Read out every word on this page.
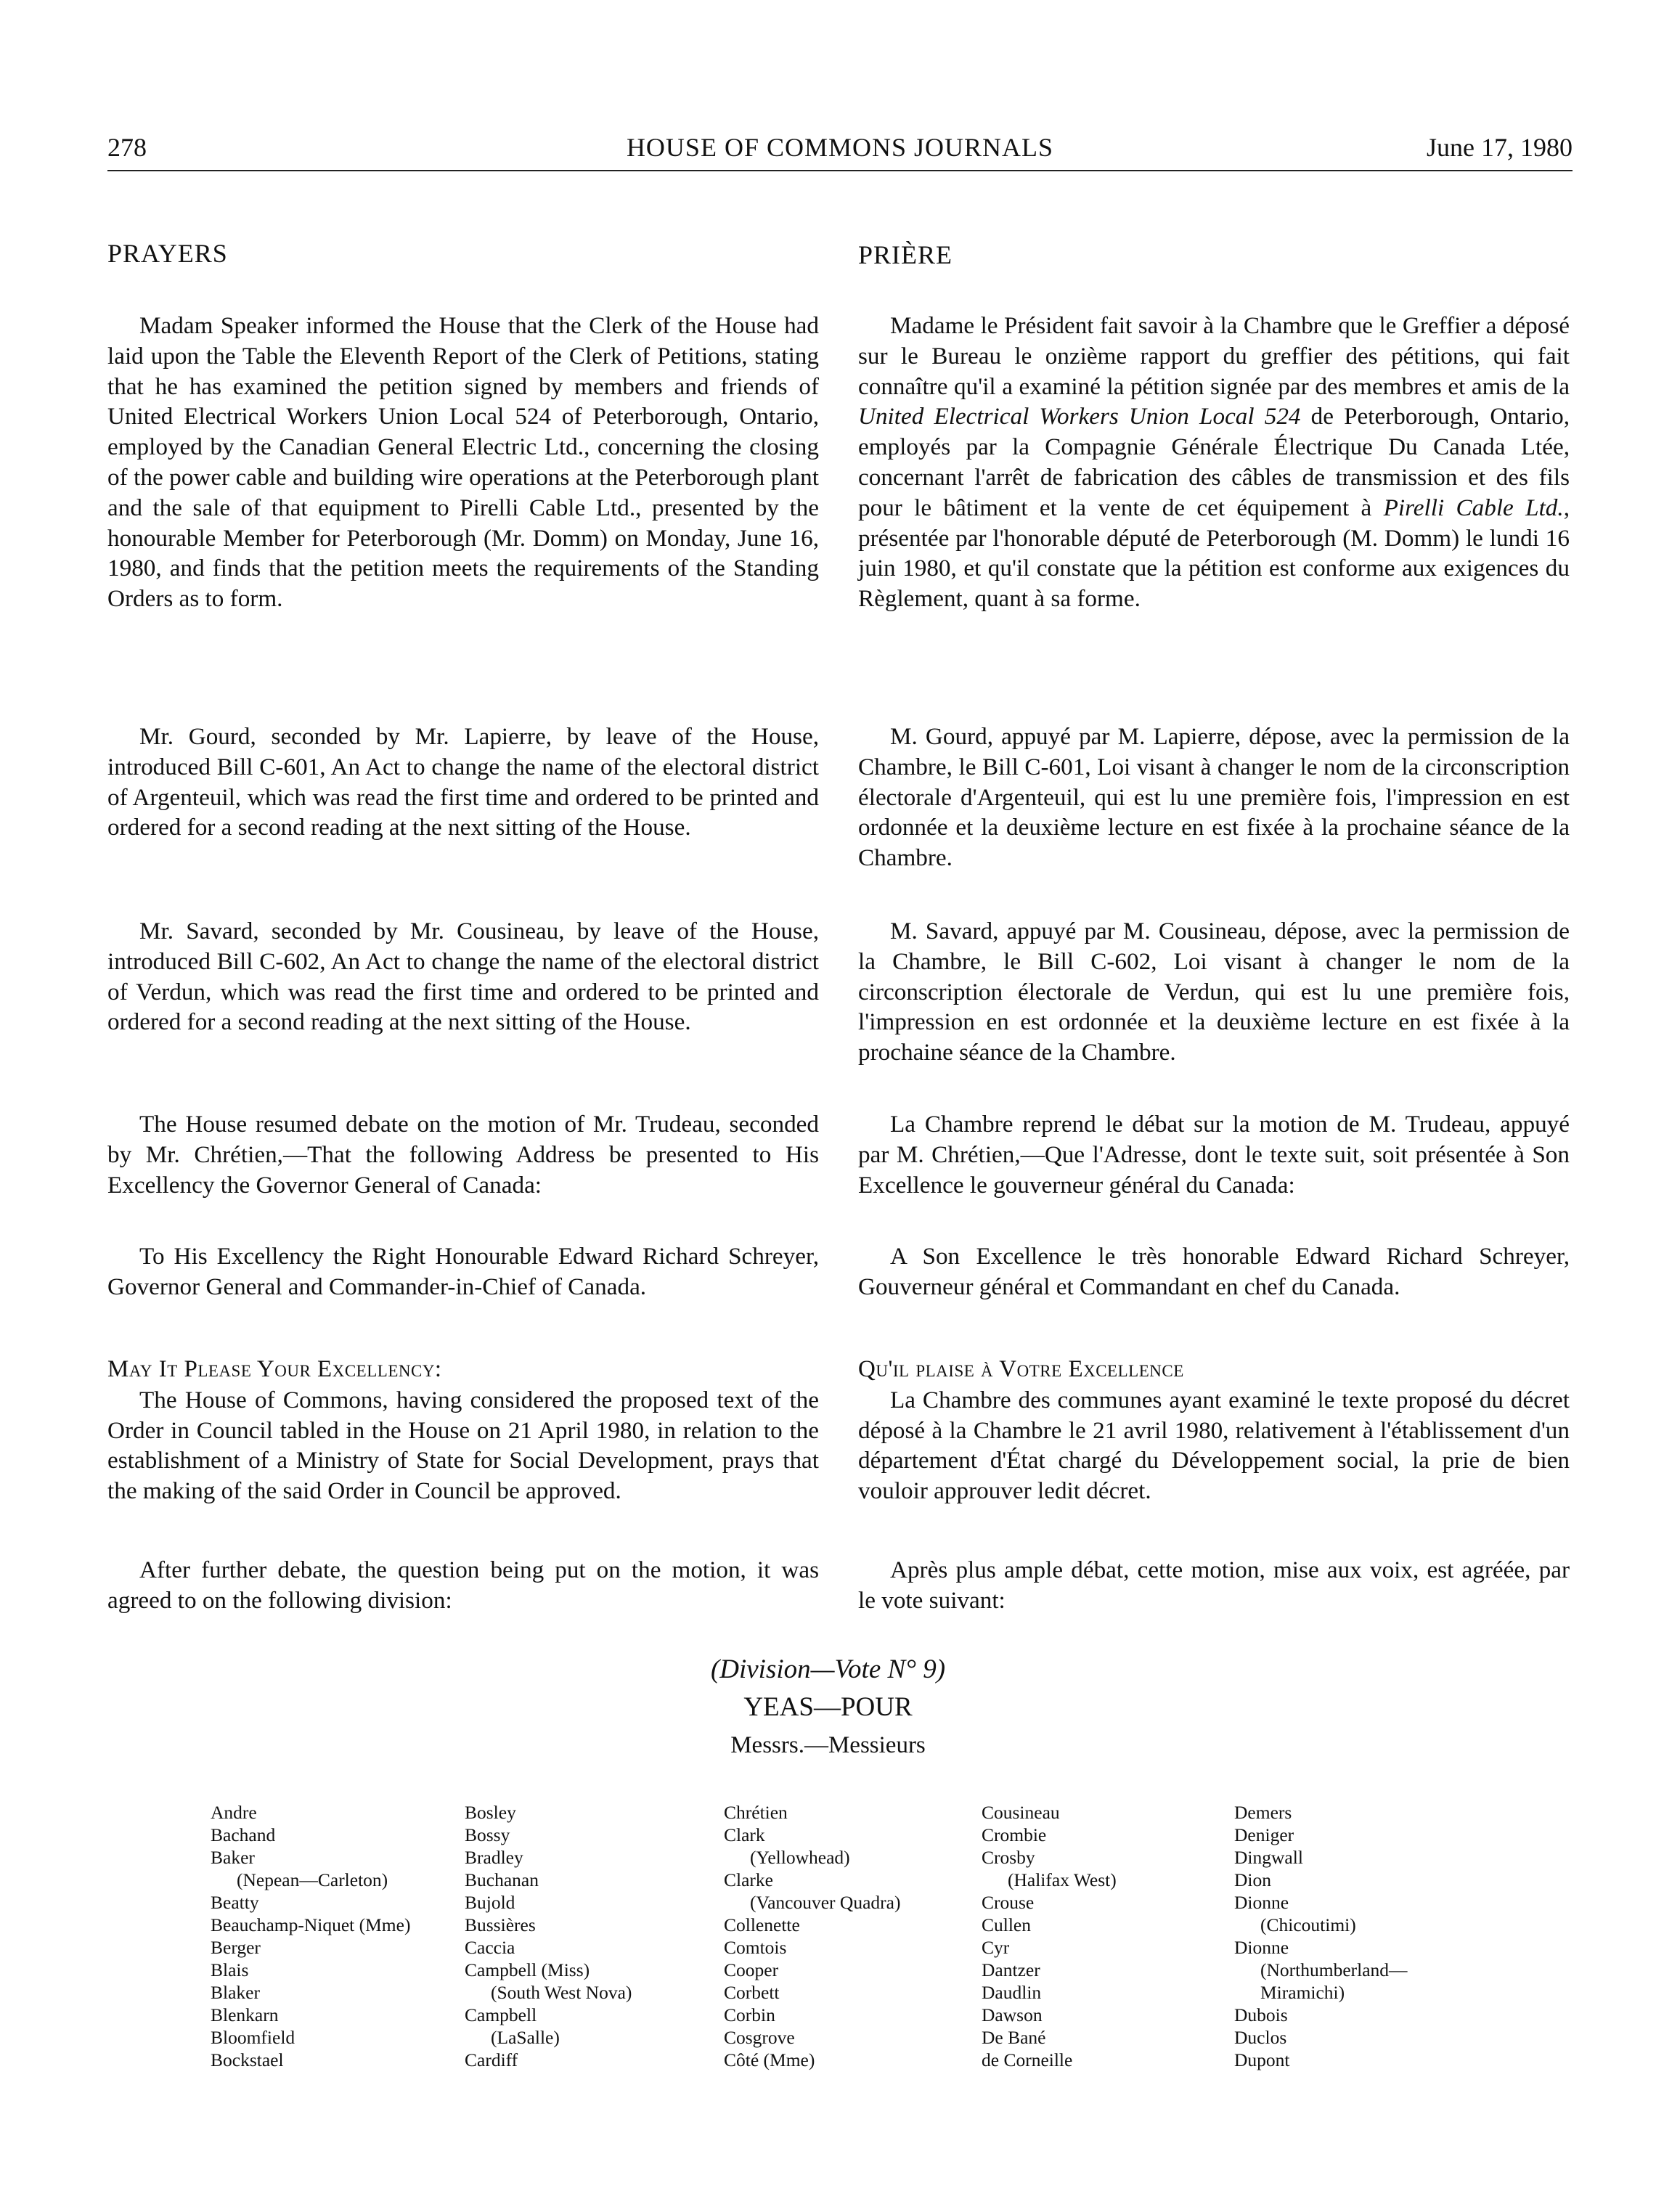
278	HOUSE OF COMMONS JOURNALS	June 17, 1980
PRAYERS

Madam Speaker informed the House that the Clerk of the House had laid upon the Table the Eleventh Report of the Clerk of Petitions, stating that he has examined the petition signed by members and friends of United Electrical Workers Union Local 524 of Peterborough, Ontario, employed by the Canadian General Electric Ltd., concerning the closing of the power cable and building wire operations at the Peterborough plant and the sale of that equipment to Pirelli Cable Ltd., presented by the honourable Member for Peterborough (Mr. Domm) on Monday, June 16, 1980, and finds that the petition meets the requirements of the Standing Orders as to form.

Mr. Gourd, seconded by Mr. Lapierre, by leave of the House, introduced Bill C-601, An Act to change the name of the electoral district of Argenteuil, which was read the first time and ordered to be printed and ordered for a second reading at the next sitting of the House.

Mr. Savard, seconded by Mr. Cousineau, by leave of the House, introduced Bill C-602, An Act to change the name of the electoral district of Verdun, which was read the first time and ordered to be printed and ordered for a second reading at the next sitting of the House.

The House resumed debate on the motion of Mr. Trudeau, seconded by Mr. Chrétien,—That the following Address be presented to His Excellency the Governor General of Canada:

To His Excellency the Right Honourable Edward Richard Schreyer, Governor General and Commander-in-Chief of Canada.

May It Please Your Excellency:

The House of Commons, having considered the proposed text of the Order in Council tabled in the House on 21 April 1980, in relation to the establishment of a Ministry of State for Social Development, prays that the making of the said Order in Council be approved.

After further debate, the question being put on the motion, it was agreed to on the following division:

PRIÈRE

Madame le Président fait savoir à la Chambre que le Greffier a déposé sur le Bureau le onzième rapport du greffier des pétitions, qui fait connaître qu'il a examiné la pétition signée par des membres et amis de la United Electrical Workers Union Local 524 de Peterborough, Ontario, employés par la Compagnie Générale Électrique Du Canada Ltée, concernant l'arrêt de fabrication des câbles de transmission et des fils pour le bâtiment et la vente de cet équipement à Pirelli Cable Ltd., présentée par l'honorable député de Peterborough (M. Domm) le lundi 16 juin 1980, et qu'il constate que la pétition est conforme aux exigences du Règlement, quant à sa forme.

M. Gourd, appuyé par M. Lapierre, dépose, avec la permission de la Chambre, le Bill C-601, Loi visant à changer le nom de la circonscription électorale d'Argenteuil, qui est lu une première fois, l'impression en est ordonnée et la deuxième lecture en est fixée à la prochaine séance de la Chambre.

M. Savard, appuyé par M. Cousineau, dépose, avec la permission de la Chambre, le Bill C-602, Loi visant à changer le nom de la circonscription électorale de Verdun, qui est lu une première fois, l'impression en est ordonnée et la deuxième lecture en est fixée à la prochaine séance de la Chambre.

La Chambre reprend le débat sur la motion de M. Trudeau, appuyé par M. Chrétien,—Que l'Adresse, dont le texte suit, soit présentée à Son Excellence le gouverneur général du Canada:

A Son Excellence le très honorable Edward Richard Schreyer, Gouverneur général et Commandant en chef du Canada.

Qu'il plaise à Votre Excellence

La Chambre des communes ayant examiné le texte proposé du décret déposé à la Chambre le 21 avril 1980, relativement à l'établissement d'un département d'État chargé du Développement social, la prie de bien vouloir approuver ledit décret.

Après plus ample débat, cette motion, mise aux voix, est agréée, par le vote suivant:

(Division—Vote N° 9)
YEAS—POUR
Messrs.—Messieurs
Andre
Bachand
Baker
(Nepean—Carleton)
Beatty
Beauchamp-Niquet (Mme)
Berger
Blais
Blaker
Blenkarn
Bloomfield
Bockstael
Bosley
Bossy
Bradley
Buchanan
Bujold
Bussières
Caccia
Campbell (Miss)
(South West Nova)
Campbell
(LaSalle)
Cardiff
Chrétien
Clark
(Yellowhead)
Clarke
(Vancouver Quadra)
Collenette
Comtois
Cooper
Corbett
Corbin
Cosgrove
Côté (Mme)
Cousineau
Crombie
Crosby
(Halifax West)
Crouse
Cullen
Cyr
Dantzer
Daudlin
Dawson
De Bané
de Corneille
Demers
Deniger
Dingwall
Dion
Dionne
(Chicoutimi)
Dionne
(Northumberland—
Miramichi)
Dubois
Duclos
Dupont
